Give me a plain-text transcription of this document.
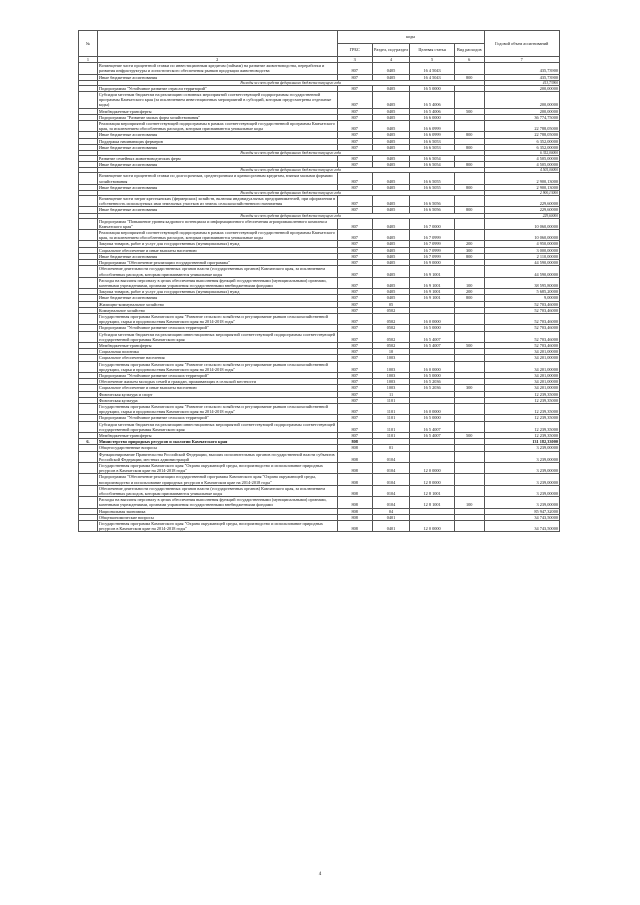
№		коды				Годовой объем ассигнований
		ГРБС	Раздел, под-раздел	Целевая статья	Вид расходов	
1	2	3	4	5	6	7
	Возмещение части процентной ставки по инвестиционным кредитам (займам) на развитие животноводства, переработки и развития инфраструктуры и логистического обеспечения рынков продукции животноводства	807	0405	16 4 5043		435,73900
	Иные бюджетные ассигнования	807	0405	16 4 5043	800	435,73900
	Расходы за счет средств федерального бюджета текущего года					413,73900
	Подпрограмма "Устойчивое развитие отрасли территорий"	807	0405	16 5 0000		200,00000
	Субсидии местным бюджетам на реализацию основных мероприятий соответствующей подпрограммы государственной программы Камчатского края (за исключением инвестиционных мероприятий в субсидий, которым предусмотрены отдельные коды)	807	0405	16 5 4006		200,00000
	Межбюджетные трансферты	807	0405	16 5 4006	500	200,00000
	Подпрограмма "Развитие малых форм хозяйствования"	807	0405	16 6 0000		36 774,75000
	Реализация мероприятий соответствующей подпрограммы в рамках соответствующей государственной программы Камчатского края, за исключением обособленных расходов, которым присваиваются уникальные коды	807	0405	16 6 0999		22 788,05000
	Иные бюджетные ассигнования	807	0405	16 6 0999	800	22 788,05000
	Поддержка начинающих фермеров	807	0405	16 6 5053		6 352,00000
	Иные бюджетные ассигнования	807	0405	16 6 5053	800	6 352,00000
	Расходы за счет средств федерального бюджета текущего года					6 352,00000
	Развитие семейных животноводческих ферм	807	0405	16 6 5054		4 505,00000
	Иные бюджетные ассигнования	807	0405	16 6 5054	800	4 505,00000
	Расходы за счет средств федерального бюджета текущего года					4 505,00000
	Возмещение части процентной ставки по долгосрочным, среднесрочным и краткосрочным кредитам, взятым малыми формами хозяйствования	807	0405	16 6 5055		2 900,13000
	Иные бюджетные ассигнования	807	0405	16 6 5055	800	2 900,13000
	Расходы за счет средств федерального бюджета текущего года					2 900,13000
	Возмещение части затрат крестьянских (фермерских) хозяйств, включая индивидуальных предпринимателей, при оформлении в собственность используемых ими земельных участков из земель сельскохозяйственного назначения	807	0405	16 6 5056		229,60000
	Иные бюджетные ассигнования	807	0405	16 6 5056	800	229,60000
	Расходы за счет средств федерального бюджета текущего года					229,60000
	Подпрограмма "Повышение уровня кадрового потенциала и информационного обеспечения агропромышленного комплекса Камчатского края"	807	0405	16 7 0000		10 060,00000
	Реализация мероприятий соответствующей подпрограммы в рамках соответствующей государственной программы Камчатского края, за исключением обособленных расходов, которым присваиваются уникальные коды	807	0405	16 7 0999		10 060,00000
	Закупка товаров, работ и услуг для государственных (муниципальных) нужд	807	0405	16 7 0999	200	4 950,00000
	Социальное обеспечение и иные выплаты населению	807	0405	16 7 0999	300	3 000,00000
	Иные бюджетные ассигнования	807	0405	16 7 0999	800	2 110,00000
	Подпрограмма "Обеспечение реализации государственной программы"	807	0405	16 9 0000		44 590,00000
	Обеспечение деятельности государственных органов власти (государственных органов) Камчатского края, за исключением обособленных расходов, которым присваиваются уникальные коды	807	0405	16 9 1001		44 590,00000
	Расходы на выплаты персоналу в целях обеспечения выполнения функций государственными (муниципальными) органами, казенными учреждениями, органами управления государственными внебюджетными фондами	807	0405	16 9 1001	100	38 595,80000
	Закупка товаров, работ и услуг для государственных (муниципальных) нужд	807	0405	16 9 1001	200	5 685,20000
	Иные бюджетные ассигнования	807	0405	16 9 1001	800	9,00000
	Жилищно-коммунальное хозяйство	807	05			52 703,46000
	Коммунальное хозяйство	807	0502			52 703,46000
	Государственная программа Камчатского края "Развитие сельского хозяйства и регулирование рынков сельскохозяйственной продукции, сырья и продовольствия Камчатского края на 2014-2018 годы"	807	0502	16 0 0000		52 703,46000
	Подпрограмма "Устойчивое развитие сельских территорий"	807	0502	16 5 0000		52 703,46000
	Субсидии местным бюджетам на реализацию инвестиционных мероприятий соответствующей подпрограммы соответствующей государственной программы Камчатского края	807	0502	16 5 4007		52 703,46000
	Межбюджетные трансферты	807	0502	16 5 4007	500	52 703,46000
	Социальная политика	807	10			34 201,00000
	Социальное обеспечение населения	807	1003			34 201,00000
	Государственная программа Камчатского края "Развитие сельского хозяйства и регулирование рынков сельскохозяйственной продукции, сырья и продовольствия Камчатского края на 2014-2018 годы"	807	1003	16 0 0000		34 201,00000
	Подпрограмма "Устойчивое развитие сельских территорий"	807	1003	16 5 0000		34 201,00000
	Обеспечение жильем молодых семей и граждан, проживающих в сельской местности	807	1003	16 5 2036		34 201,00000
	Социальное обеспечение и иные выплаты населению	807	1003	16 5 2036	300	34 201,00000
	Физическая культура и спорт	807	11			12 239,35000
	Физическая культура	807	1101			12 239,35000
	Государственная программа Камчатского края "Развитие сельского хозяйства и регулирование рынков сельскохозяйственной продукции, сырья и продовольствия Камчатского края на 2014-2018 годы"	807	1101	16 0 0000		12 239,35000
	Подпрограмма "Устойчивое развитие сельских территорий"	807	1101	16 5 0000		12 239,35000
	Субсидии местным бюджетам на реализацию инвестиционных мероприятий соответствующей подпрограммы соответствующей государственной программы Камчатского края	807	1101	16 5 4007		12 239,35000
	Межбюджетные трансферты	807	1101	16 5 4007	500	12 239,35000
6.	Министерство природных ресурсов и экологии Камчатского края	808				131 182,33000
	Общегосударственные вопросы	808	01			3 239,00000
	Функционирование Правительства Российской Федерации, высших исполнительных органов государственной власти субъектов Российской Федерации, местных администраций	808	0104			3 239,00000
	Государственная программа Камчатского края "Охрана окружающей среды, воспроизводство и использование природных ресурсов в Камчатском крае на 2014-2018 годы"	808	0104	12 0 0000		3 239,00000
	Подпрограмма "Обеспечение реализации государственной программы Камчатского края "Охрана окружающей среды, воспроизводство и использование природных ресурсов в Камчатском крае на 2014-2018 годы"	808	0104	12 8 0000		3 239,00000
	Обеспечение деятельности государственных органов власти (государственных органов) Камчатского края, за исключением обособленных расходов, которым присваиваются уникальные коды	808	0104	12 8 1001		3 239,00000
	Расходы на выплаты персоналу в целях обеспечения выполнения функций государственными (муниципальными) органами, казенными учреждениями, органами управления государственными внебюджетными фондами	808	0104	12 8 1001	100	3 239,00000
	Национальная экономика	808	04			85 947,32000
	Общеэкономические вопросы	808	0401			34 743,50000
	Государственная программа Камчатского края "Охрана окружающей среды, воспроизводство и использование природных ресурсов в Камчатском крае на 2014-2018 годы"	808	0401	12 0 0000		34 743,50000
4
